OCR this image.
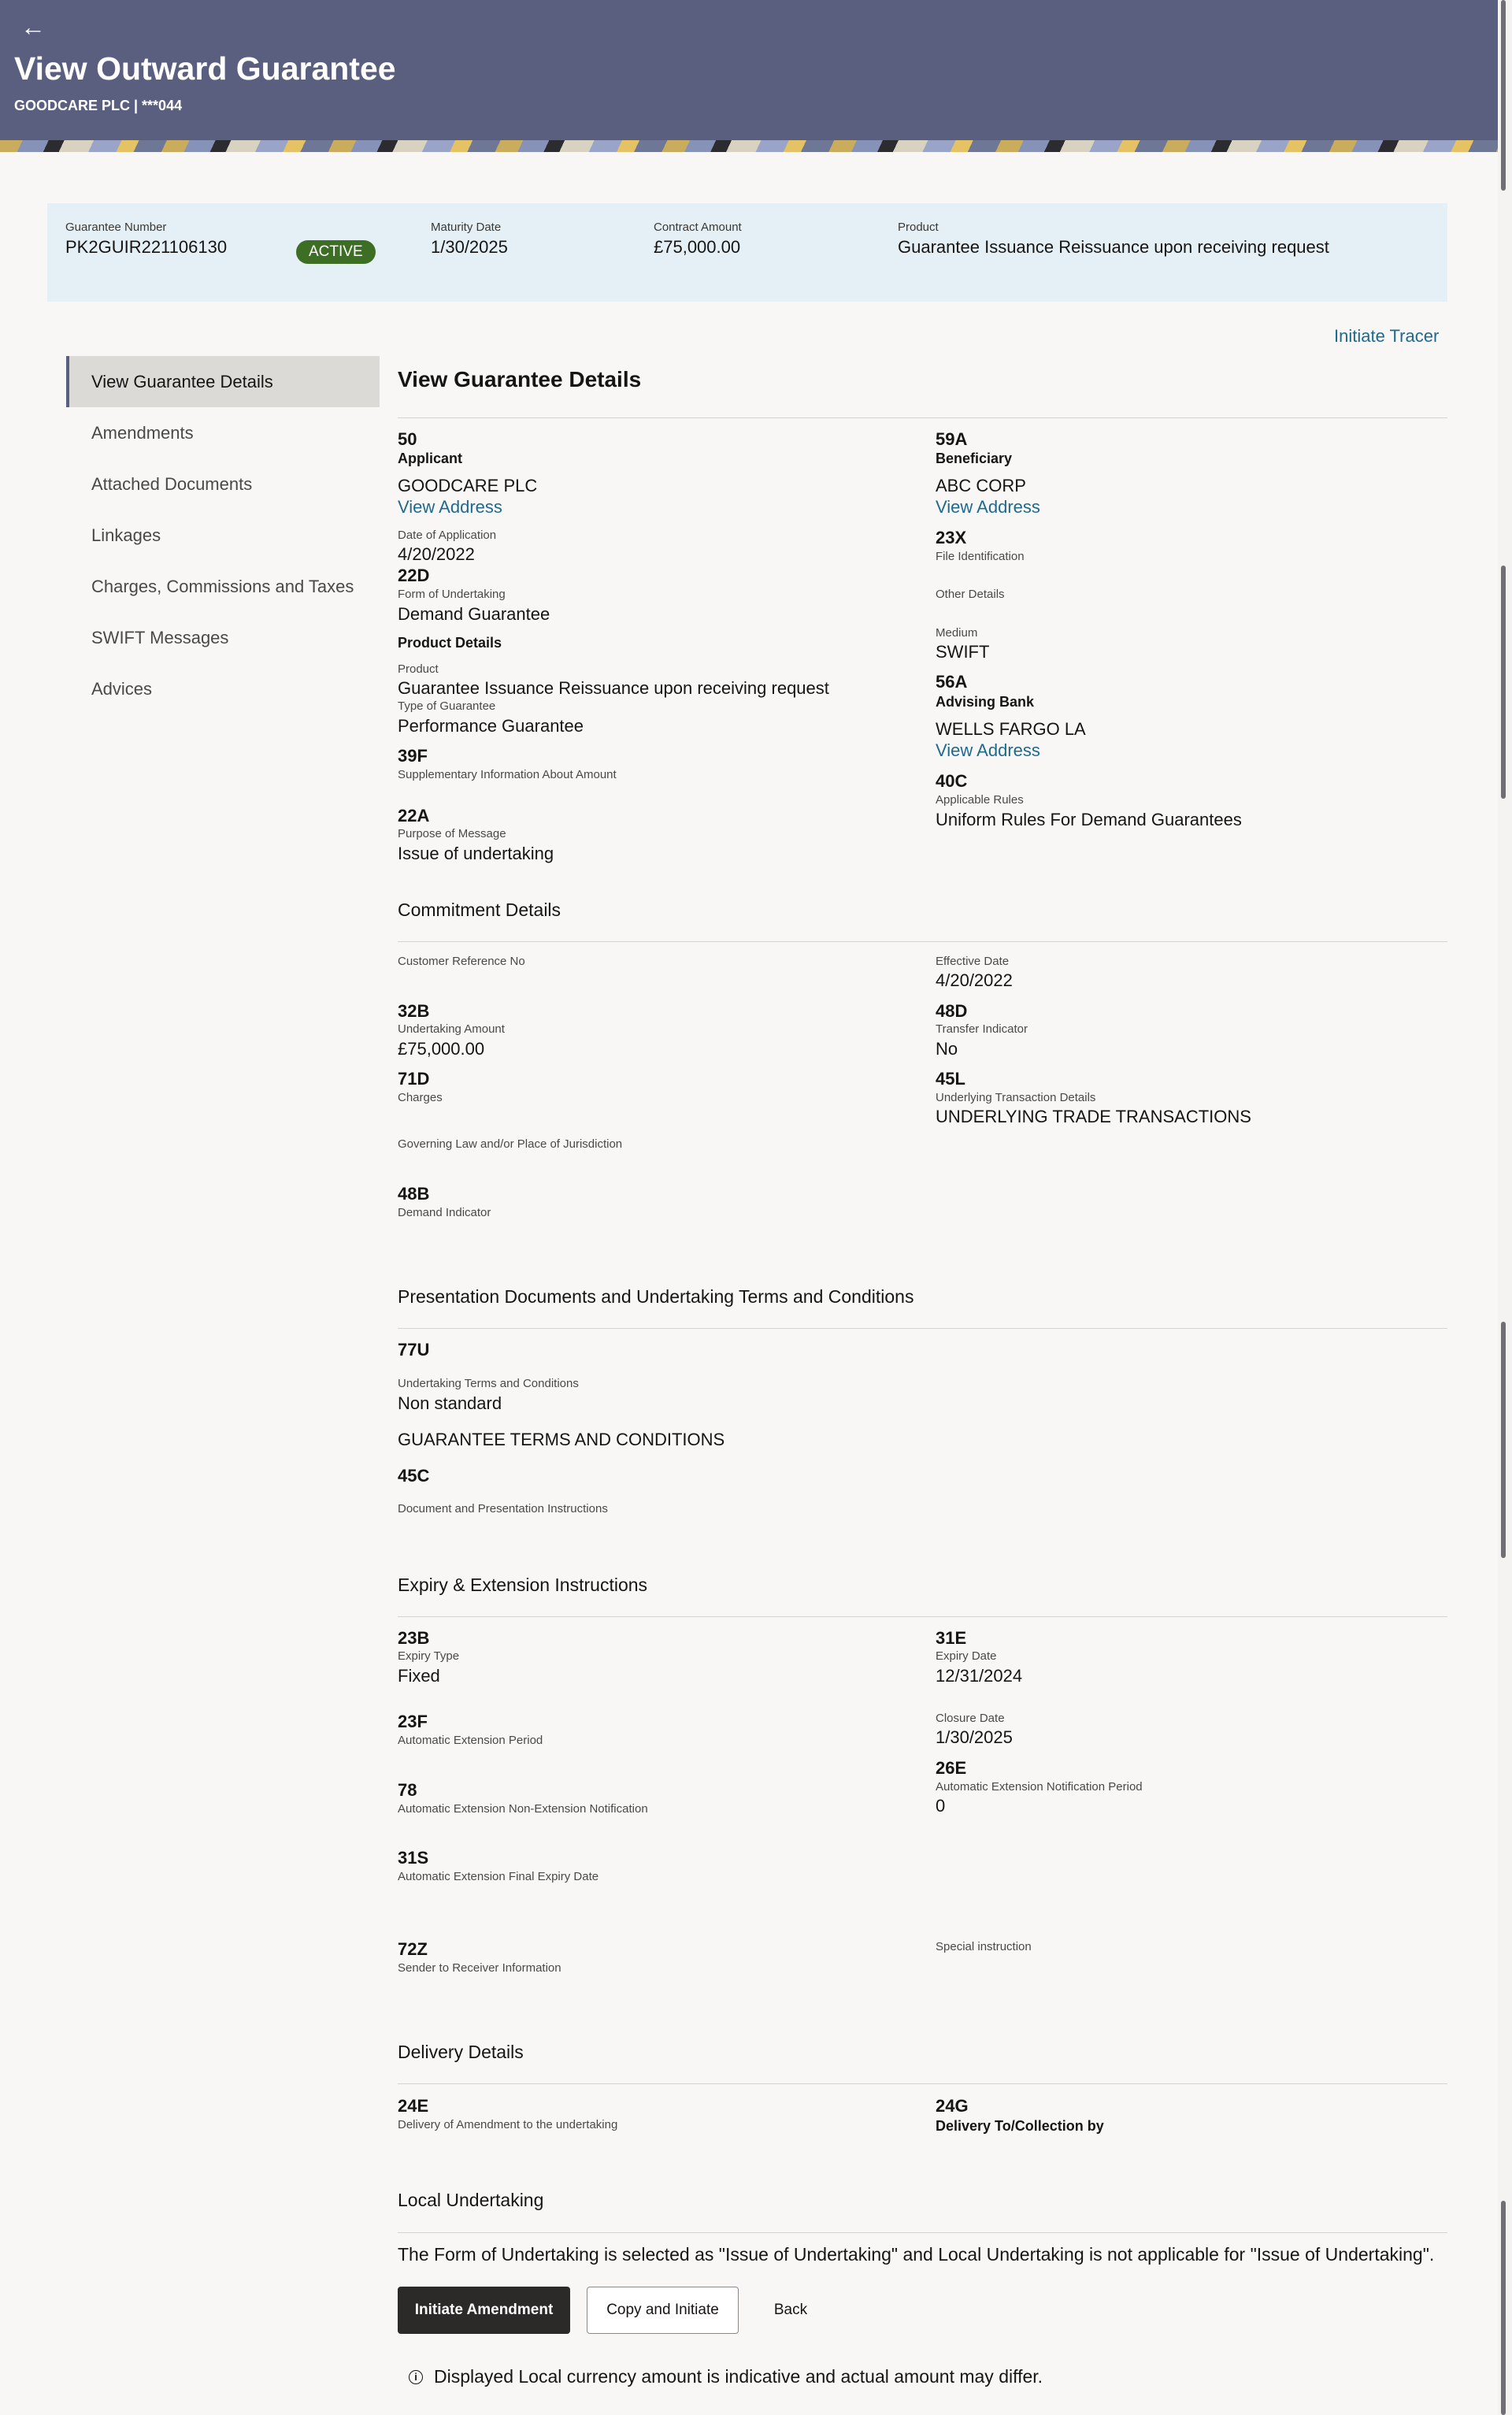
←
View Outward Guarantee
GOODCARE PLC | ***044
Guarantee Number
PK2GUIR221106130	ACTIVE
Maturity Date
1/30/2025
Contract Amount
£75,000.00
Product
Guarantee Issuance Reissuance upon receiving request
Initiate Tracer
View Guarantee Details
Amendments
Attached Documents
Linkages
Charges, Commissions and Taxes
SWIFT Messages
Advices
View Guarantee Details
50
Applicant
GOODCARE PLC
View Address
Date of Application
4/20/2022
22D
Form of Undertaking
Demand Guarantee
Product Details
Product
Guarantee Issuance Reissuance upon receiving request
Type of Guarantee
Performance Guarantee
39F
Supplementary Information About Amount
22A
Purpose of Message
Issue of undertaking
59A
Beneficiary
ABC CORP
View Address
23X
File Identification
Other Details
Medium
SWIFT
56A
Advising Bank
WELLS FARGO LA
View Address
40C
Applicable Rules
Uniform Rules For Demand Guarantees
Commitment Details
Customer Reference No
32B
Undertaking Amount
£75,000.00
71D
Charges
Governing Law and/or Place of Jurisdiction
48B
Demand Indicator
Effective Date
4/20/2022
48D
Transfer Indicator
No
45L
Underlying Transaction Details
UNDERLYING TRADE TRANSACTIONS
Presentation Documents and Undertaking Terms and Conditions
77U
Undertaking Terms and Conditions
Non standard
GUARANTEE TERMS AND CONDITIONS
45C
Document and Presentation Instructions
Expiry & Extension Instructions
23B
Expiry Type
Fixed
23F
Automatic Extension Period
78
Automatic Extension Non-Extension Notification
31S
Automatic Extension Final Expiry Date
72Z
Sender to Receiver Information
31E
Expiry Date
12/31/2024
Closure Date
1/30/2025
26E
Automatic Extension Notification Period
0
Special instruction
Delivery Details
24E
Delivery of Amendment to the undertaking
24G
Delivery To/Collection by
Local Undertaking
The Form of Undertaking is selected as "Issue of Undertaking" and Local Undertaking is not applicable for "Issue of Undertaking".
Initiate Amendment	Copy and Initiate	Back
i Displayed Local currency amount is indicative and actual amount may differ.
